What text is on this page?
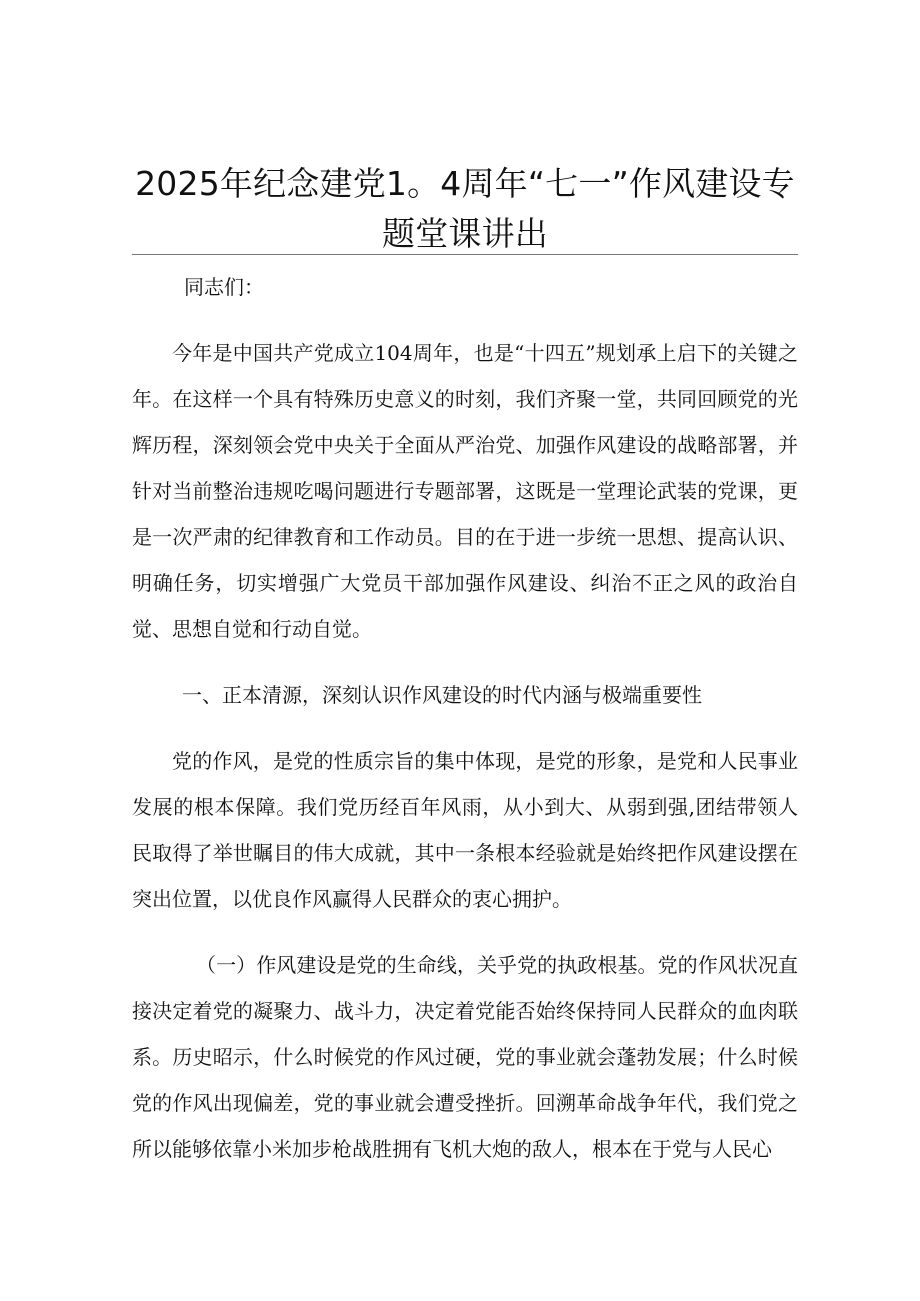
2025年纪念建党1。4周年“七一”作风建设专
题堂课讲出

同志们：

今年是中国共产党成立104周年，也是“十四五”规划承上启下的关键之年。在这样一个具有特殊历史意义的时刻，我们齐聚一堂，共同回顾党的光辉历程，深刻领会党中央关于全面从严治党、加强作风建设的战略部署，并针对当前整治违规吃喝问题进行专题部署，这既是一堂理论武装的党课，更是一次严肃的纪律教育和工作动员。目的在于进一步统一思想、提高认识、明确任务，切实增强广大党员干部加强作风建设、纠治不正之风的政治自觉、思想自觉和行动自觉。

一、正本清源，深刻认识作风建设的时代内涵与极端重要性

党的作风，是党的性质宗旨的集中体现，是党的形象，是党和人民事业发展的根本保障。我们党历经百年风雨，从小到大、从弱到强,团结带领人民取得了举世瞩目的伟大成就，其中一条根本经验就是始终把作风建设摆在突出位置，以优良作风赢得人民群众的衷心拥护。

（一）作风建设是党的生命线，关乎党的执政根基。党的作风状况直接决定着党的凝聚力、战斗力，决定着党能否始终保持同人民群众的血肉联系。历史昭示，什么时候党的作风过硬，党的事业就会蓬勃发展；什么时候党的作风出现偏差，党的事业就会遭受挫折。回溯革命战争年代，我们党之所以能够依靠小米加步枪战胜拥有飞机大炮的敌人，根本在于党与人民心
